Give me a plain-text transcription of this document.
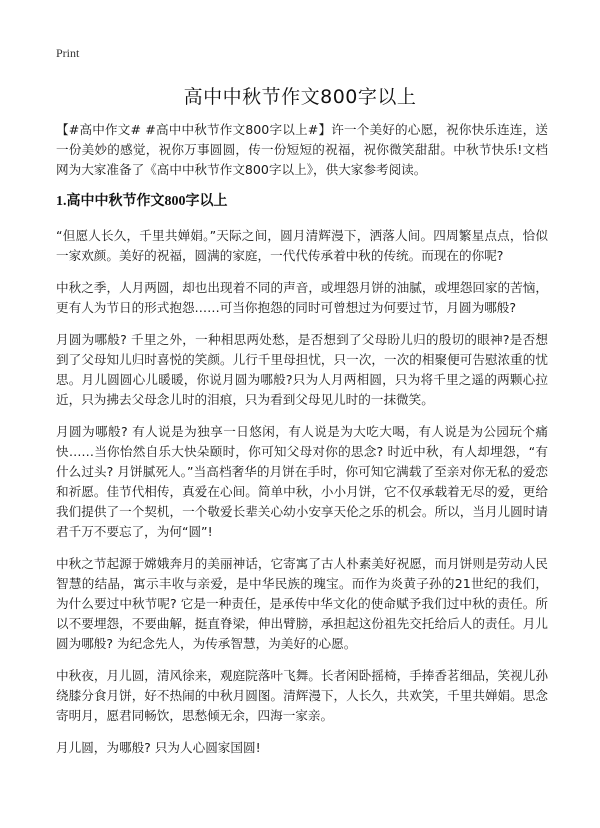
Print
高中中秋节作文800字以上

【#高中作文# #高中中秋节作文800字以上#】许一个美好的心愿，祝你快乐连连，送一份美妙的感觉，祝你万事圆圆，传一份短短的祝福，祝你微笑甜甜。中秋节快乐!文档网为大家准备了《高中中秋节作文800字以上》，供大家参考阅读。

1.高中中秋节作文800字以上

“但愿人长久，千里共婵娟。”天际之间，圆月清辉漫下，洒落人间。四周繁星点点，恰似一家欢颜。美好的祝福，圆满的家庭，一代代传承着中秋的传统。而现在的你呢?

中秋之季，人月两圆，却也出现着不同的声音，或埋怨月饼的油腻，或埋怨回家的苦恼，更有人为节日的形式抱怨……可当你抱怨的同时可曾想过为何要过节，月圆为哪般?

月圆为哪般? 千里之外，一种相思两处愁，是否想到了父母盼儿归的殷切的眼神?是否想到了父母知儿归时喜悦的笑颜。儿行千里母担忧，只一次，一次的相聚便可告慰浓重的忧思。月儿圆圆心儿暖暖，你说月圆为哪般?只为人月两相圆，只为将千里之遥的两颗心拉近，只为拂去父母念儿时的泪痕，只为看到父母见儿时的一抹微笑。

月圆为哪般? 有人说是为独享一日悠闲，有人说是为大吃大喝，有人说是为公园玩个痛快……当你怡然自乐大快朵颐时，你可知父母对你的思念? 时近中秋，有人却埋怨，“有什么过头? 月饼腻死人。”当高档奢华的月饼在手时，你可知它满载了至亲对你无私的爱恋和祈愿。佳节代相传，真爱在心间。简单中秋，小小月饼，它不仅承载着无尽的爱，更给我们提供了一个契机，一个敬爱长辈关心幼小安享天伦之乐的机会。所以，当月儿圆时请君千万不要忘了，为何“圆”!

中秋之节起源于嫦娥奔月的美丽神话，它寄寓了古人朴素美好祝愿，而月饼则是劳动人民智慧的结晶，寓示丰收与亲爱，是中华民族的瑰宝。而作为炎黄子孙的21世纪的我们，为什么要过中秋节呢? 它是一种责任，是承传中华文化的使命赋予我们过中秋的责任。所以不要埋怨，不要曲解，挺直脊梁，伸出臂膀，承担起这份祖先交托给后人的责任。月儿圆为哪般? 为纪念先人，为传承智慧，为美好的心愿。

中秋夜，月儿圆，清风徐来，观庭院落叶飞舞。长者闲卧摇椅，手捧香茗细品，笑视儿孙绕膝分食月饼，好不热闹的中秋月圆图。清辉漫下，人长久，共欢笑，千里共婵娟。思念寄明月，愿君同畅饮，思愁倾无余，四海一家亲。

月儿圆，为哪般? 只为人心圆家国圆!
